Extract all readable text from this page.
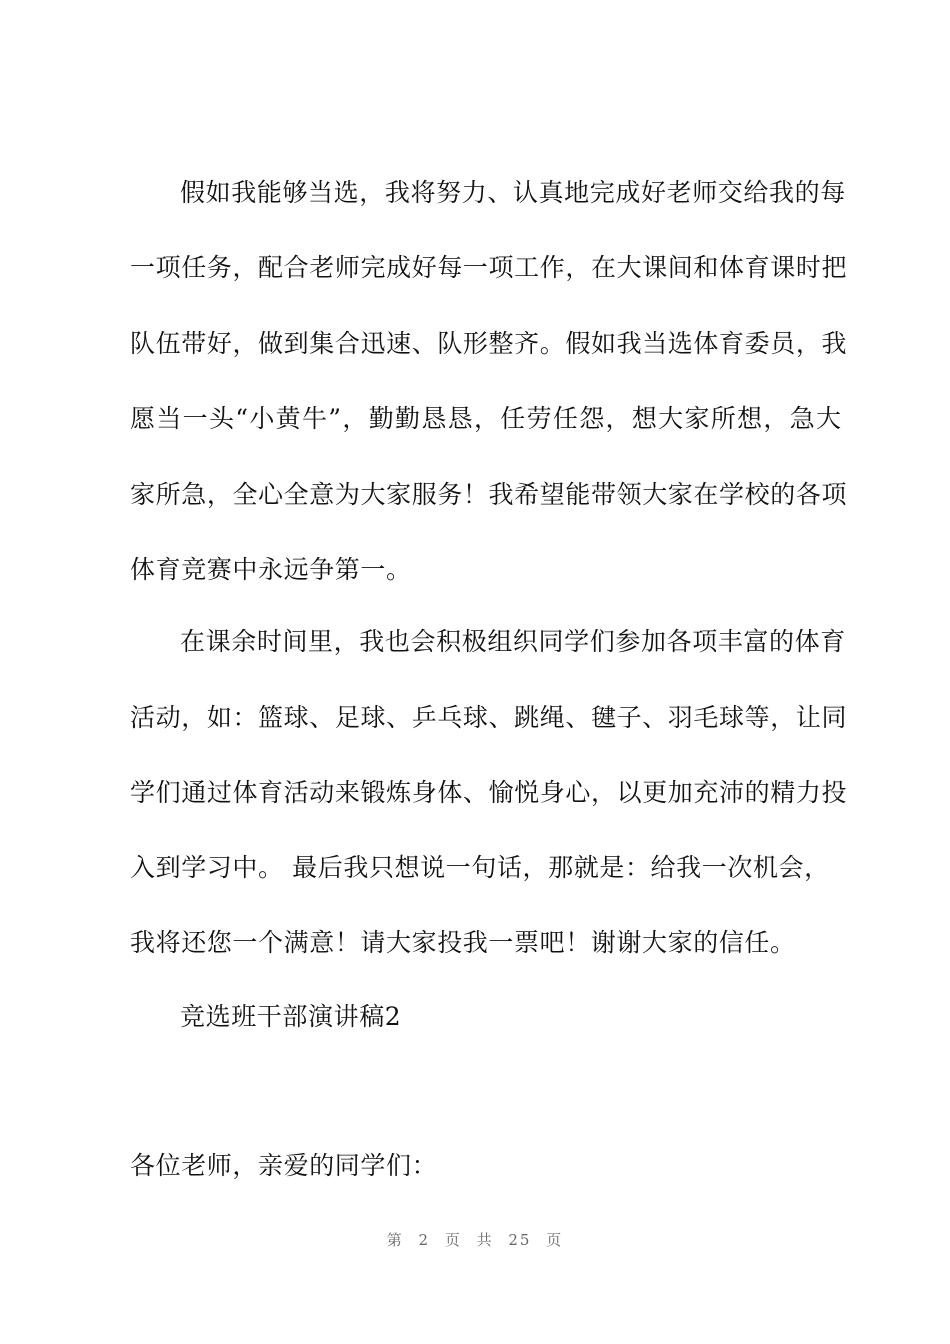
假 如 我 能 够 当 选 ， 我 将 努 力 、 认 真 地 完 成 好 老 师 交 给 我 的 每
一 项 任 务 ， 配 合 老 师 完 成 好 每 一 项 工 作 ， 在 大 课 间 和 体 育 课 时 把
队 伍 带 好 ， 做 到 集 合 迅 速 、 队 形 整 齐 。 假 如 我 当 选 体 育 委 员 ， 我
愿 当 一 头 “ 小 黄 牛 ” ， 勤 勤 恳 恳 ， 任 劳 任 怨 ， 想 大 家 所 想 ， 急 大
家 所 急 ， 全 心 全 意 为 大 家 服 务 ！ 我 希 望 能 带 领 大 家 在 学 校 的 各 项
体育竞赛中永远争第一。
在 课 余 时 间 里 ， 我 也 会 积 极 组 织 同 学 们 参 加 各 项 丰 富 的 体 育
活 动 ， 如 ： 篮 球 、 足 球 、 乒 乓 球 、 跳 绳 、 毽 子 、 羽 毛 球 等 ， 让 同
学 们 通 过 体 育 活 动 来 锻 炼 身 体 、 愉 悦 身 心 ， 以 更 加 充 沛 的 精 力 投
入到学习中。 最后我只想说一句话，那就是：给我一次机会，
我将还您一个满意！请大家投我一票吧！谢谢大家的信任。
竞选班干部演讲稿2
各位老师，亲爱的同学们：
第 2 页 共 25 页
